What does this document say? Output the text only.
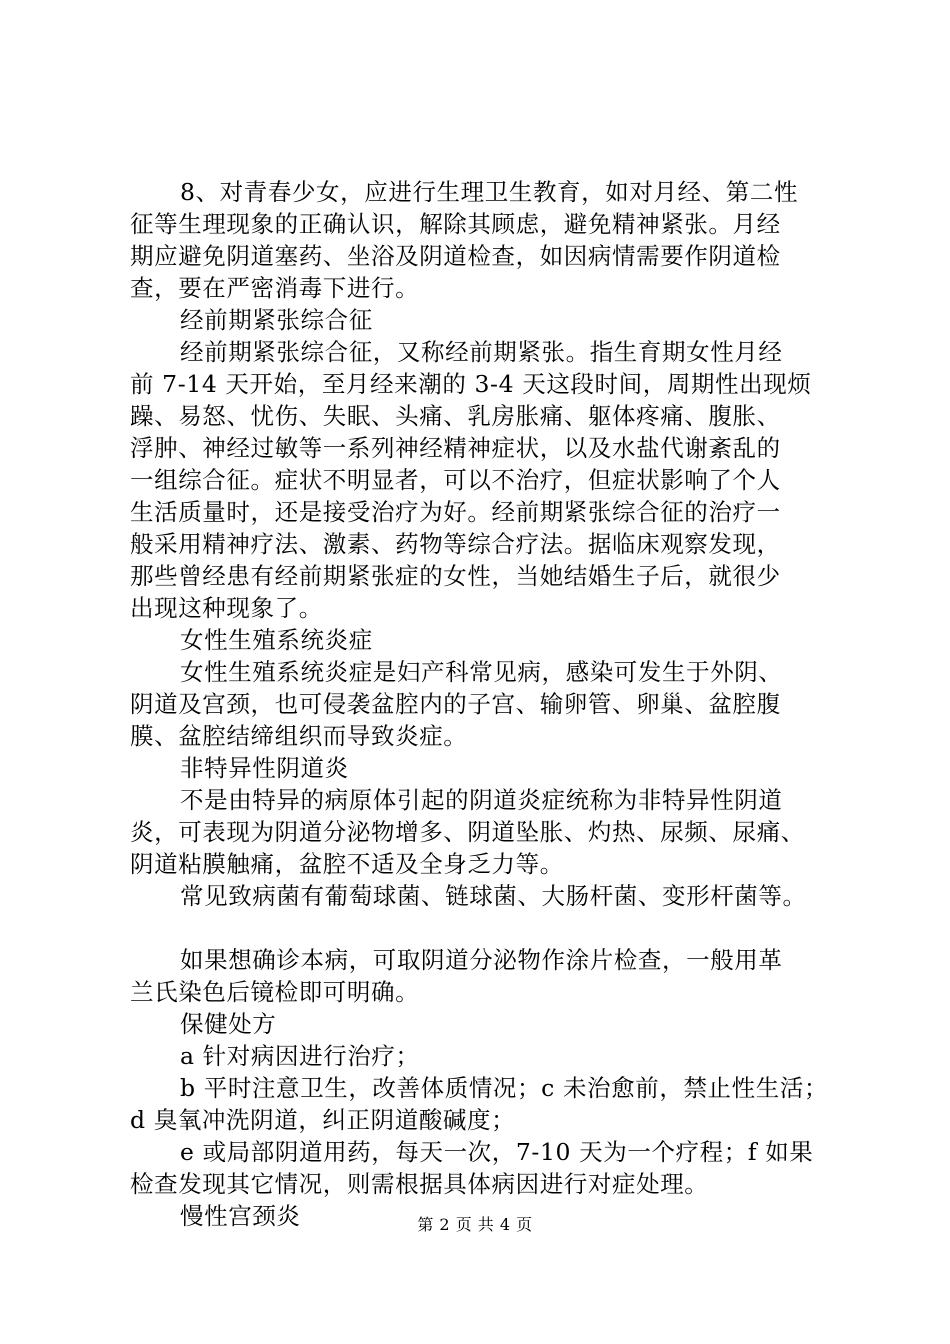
8、对青春少女，应进行生理卫生教育，如对月经、第二性
征等生理现象的正确认识，解除其顾虑，避免精神紧张。月经
期应避免阴道塞药、坐浴及阴道检查，如因病情需要作阴道检
查，要在严密消毒下进行。
经前期紧张综合征
经前期紧张综合征，又称经前期紧张。指生育期女性月经
前 7-14 天开始，至月经来潮的 3-4 天这段时间，周期性出现烦
躁、易怒、忧伤、失眠、头痛、乳房胀痛、躯体疼痛、腹胀、
浮肿、神经过敏等一系列神经精神症状，以及水盐代谢紊乱的
一组综合征。症状不明显者，可以不治疗，但症状影响了个人
生活质量时，还是接受治疗为好。经前期紧张综合征的治疗一
般采用精神疗法、激素、药物等综合疗法。据临床观察发现，
那些曾经患有经前期紧张症的女性，当她结婚生子后，就很少
出现这种现象了。
女性生殖系统炎症
女性生殖系统炎症是妇产科常见病，感染可发生于外阴、
阴道及宫颈，也可侵袭盆腔内的子宫、输卵管、卵巢、盆腔腹
膜、盆腔结缔组织而导致炎症。
非特异性阴道炎
不是由特异的病原体引起的阴道炎症统称为非特异性阴道
炎，可表现为阴道分泌物增多、阴道坠胀、灼热、尿频、尿痛、
阴道粘膜触痛，盆腔不适及全身乏力等。
常见致病菌有葡萄球菌、链球菌、大肠杆菌、变形杆菌等。
如果想确诊本病，可取阴道分泌物作涂片检查，一般用革
兰氏染色后镜检即可明确。
保健处方
a 针对病因进行治疗；
b 平时注意卫生，改善体质情况；c 未治愈前，禁止性生活；
d 臭氧冲洗阴道，纠正阴道酸碱度；
e 或局部阴道用药，每天一次，7-10 天为一个疗程；f 如果
检查发现其它情况，则需根据具体病因进行对症处理。
慢性宫颈炎	第 2 页 共 4 页
